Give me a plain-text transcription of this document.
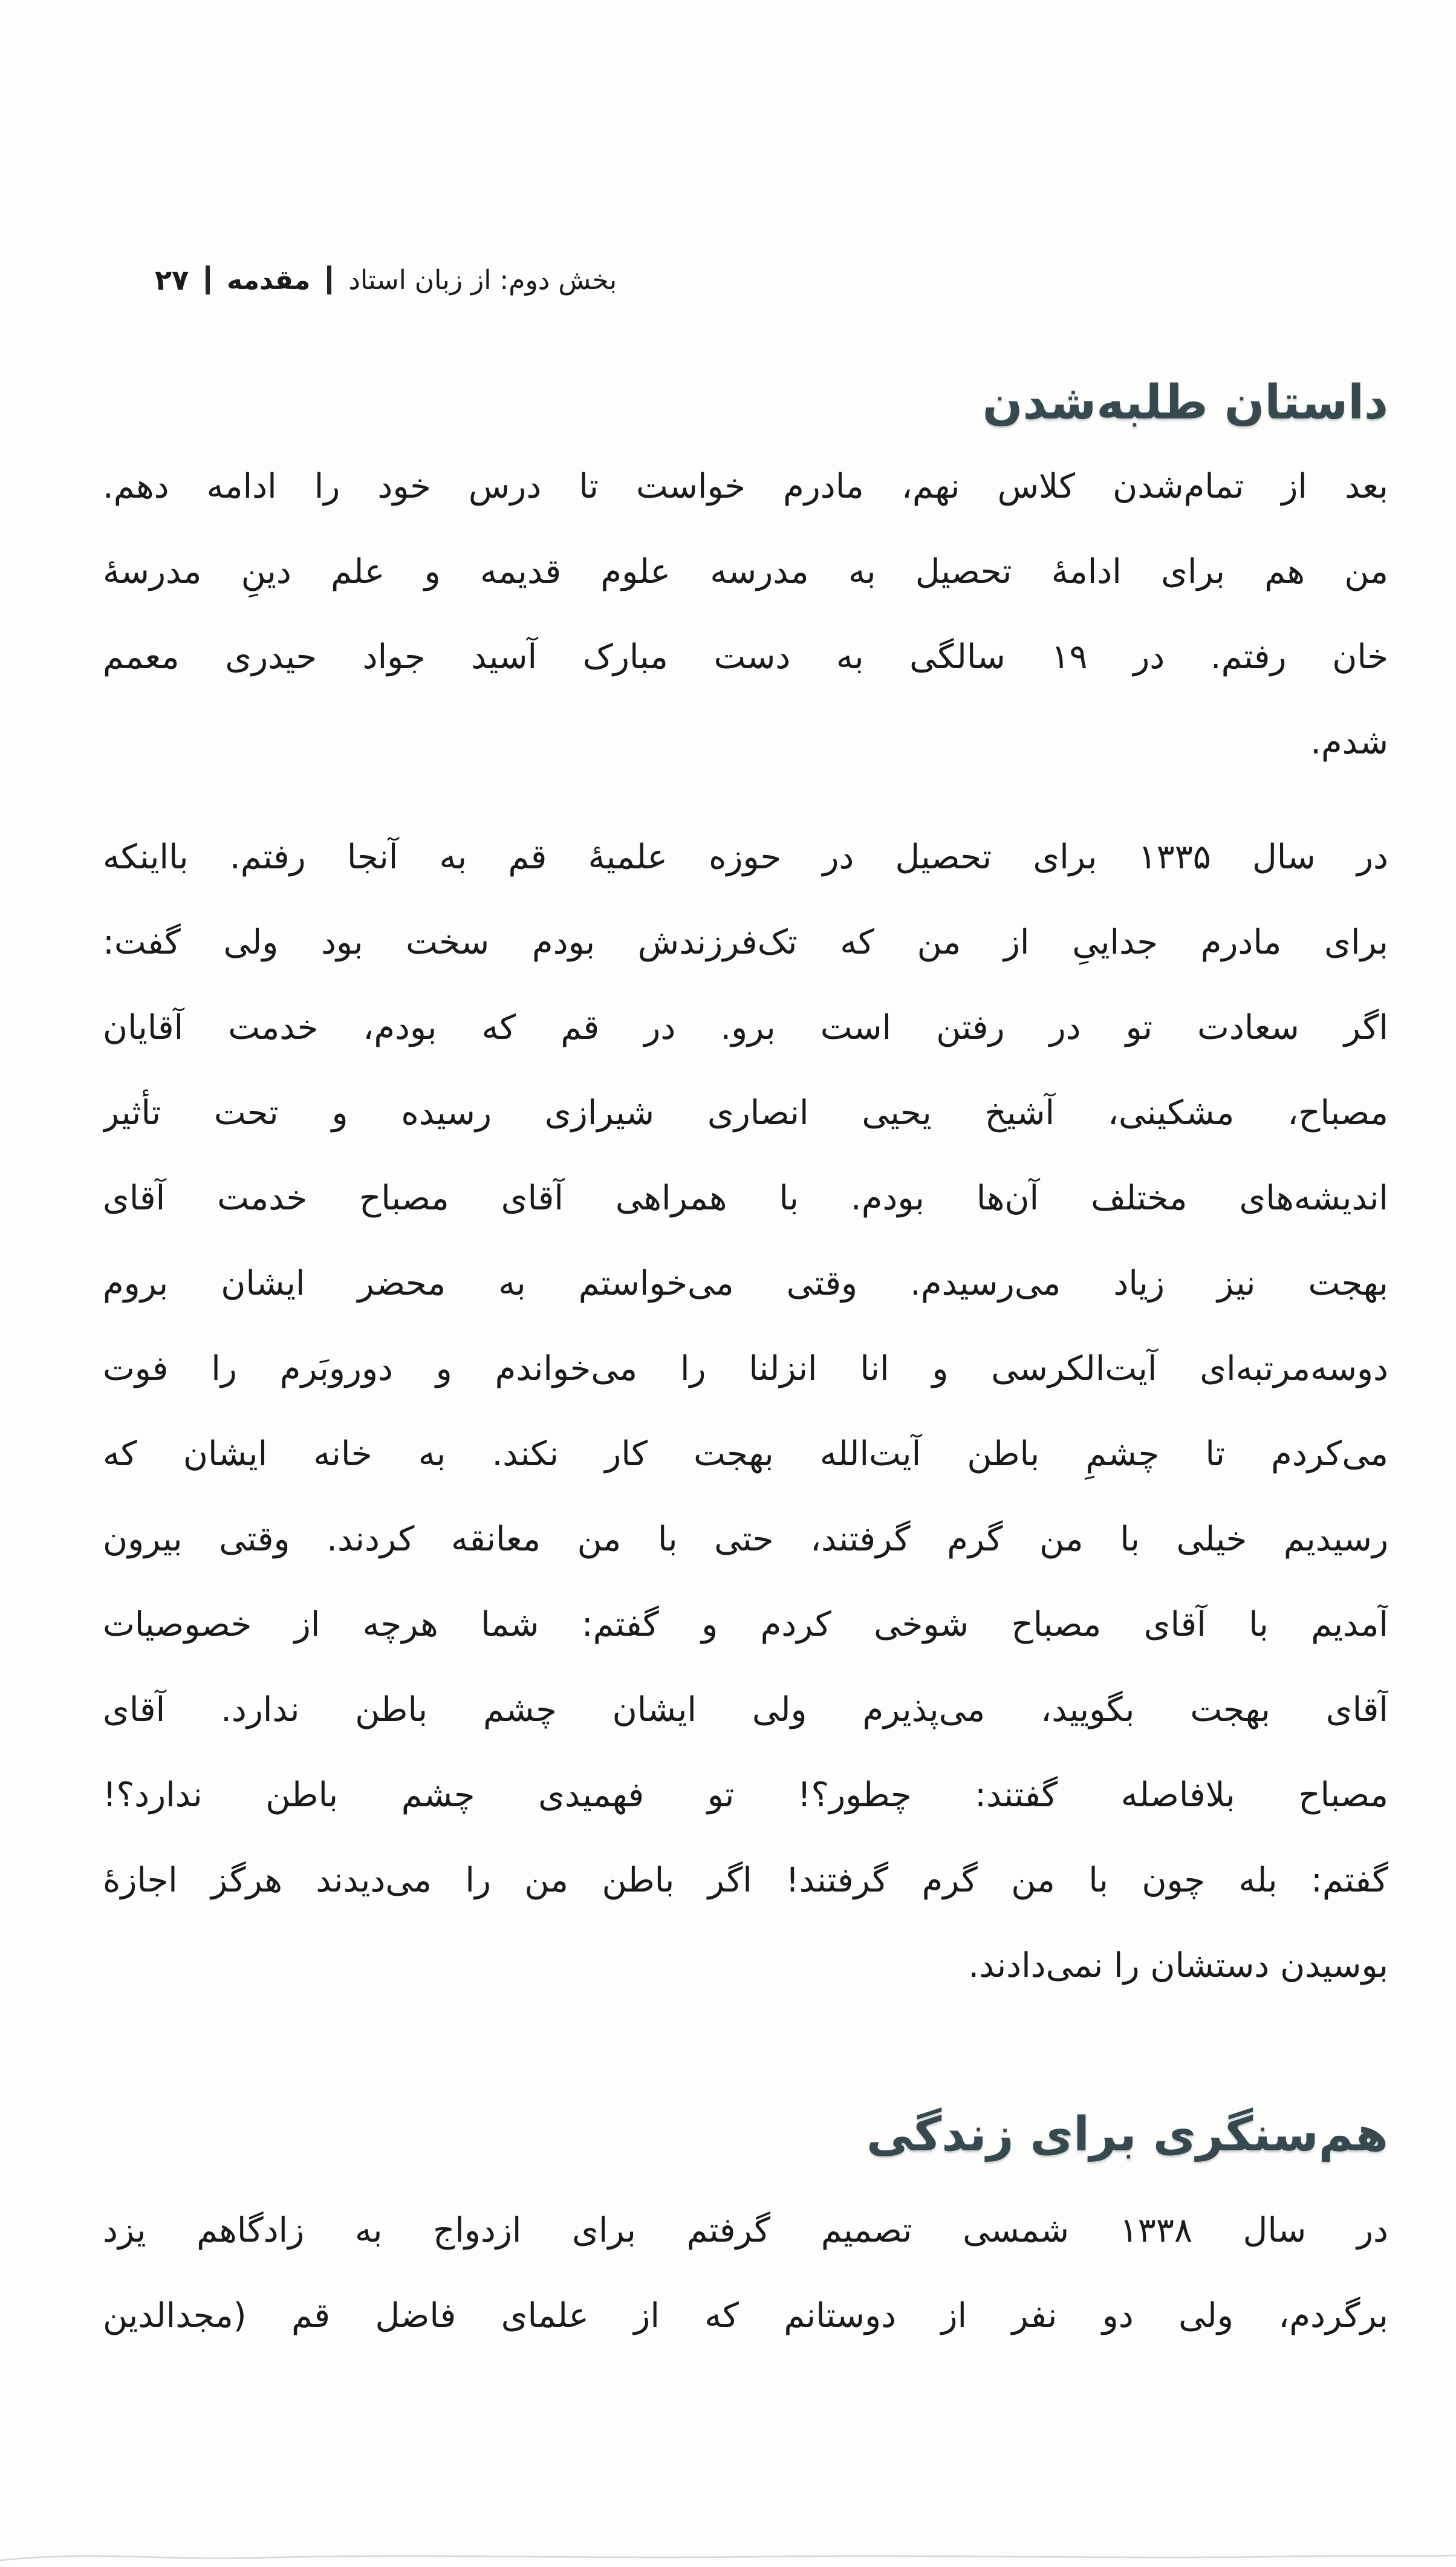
بخش دوم: از زبان استاد
مقدمه
۲۷
داستان طلبه‌شدن
بعد از تمام‌شدن کلاس نهم، مادرم خواست تا درس خود را ادامه دهم.
من هم برای ادامهٔ تحصیل به مدرسه علوم قدیمه و علم دینِ مدرسهٔ
خان رفتم. در ۱۹ سالگی به دست مبارک آسید جواد حیدری معمم
شدم.
در سال ۱۳۳۵ برای تحصیل در حوزه علمیهٔ قم به آنجا رفتم. بااینکه
برای مادرم جداییِ از من که تک‌فرزندش بودم سخت بود ولی گفت:
اگر سعادت تو در رفتن است برو. در قم که بودم، خدمت آقایان
مصباح، مشکینی، آشیخ یحیی انصاری شیرازی رسیده و تحت تأثیر
اندیشه‌های مختلف آن‌ها بودم. با همراهی آقای مصباح خدمت آقای
بهجت نیز زیاد می‌رسیدم. وقتی می‌خواستم به محضر ایشان بروم
دوسه‌مرتبه‌ای آیت‌الکرسی و انا انزلنا را می‌خواندم و دوروبَرم را فوت
می‌کردم تا چشمِ باطن آیت‌الله بهجت کار نکند. به خانه ایشان که
رسیدیم خیلی با من گرم گرفتند، حتی با من معانقه کردند. وقتی بیرون
آمدیم با آقای مصباح شوخی کردم و گفتم: شما هرچه از خصوصیات
آقای بهجت بگویید، می‌پذیرم ولی ایشان چشم باطن ندارد. آقای
مصباح بلافاصله گفتند: چطور؟! تو فهمیدی چشم باطن ندارد؟!
گفتم: بله چون با من گرم گرفتند! اگر باطن من را می‌دیدند هرگز اجازهٔ
بوسیدن دستشان را نمی‌دادند.
هم‌سنگری برای زندگی
در سال ۱۳۳۸ شمسی تصمیم گرفتم برای ازدواج به زادگاهم یزد
برگردم، ولی دو نفر از دوستانم که از علمای فاضل قم (مجدالدین
